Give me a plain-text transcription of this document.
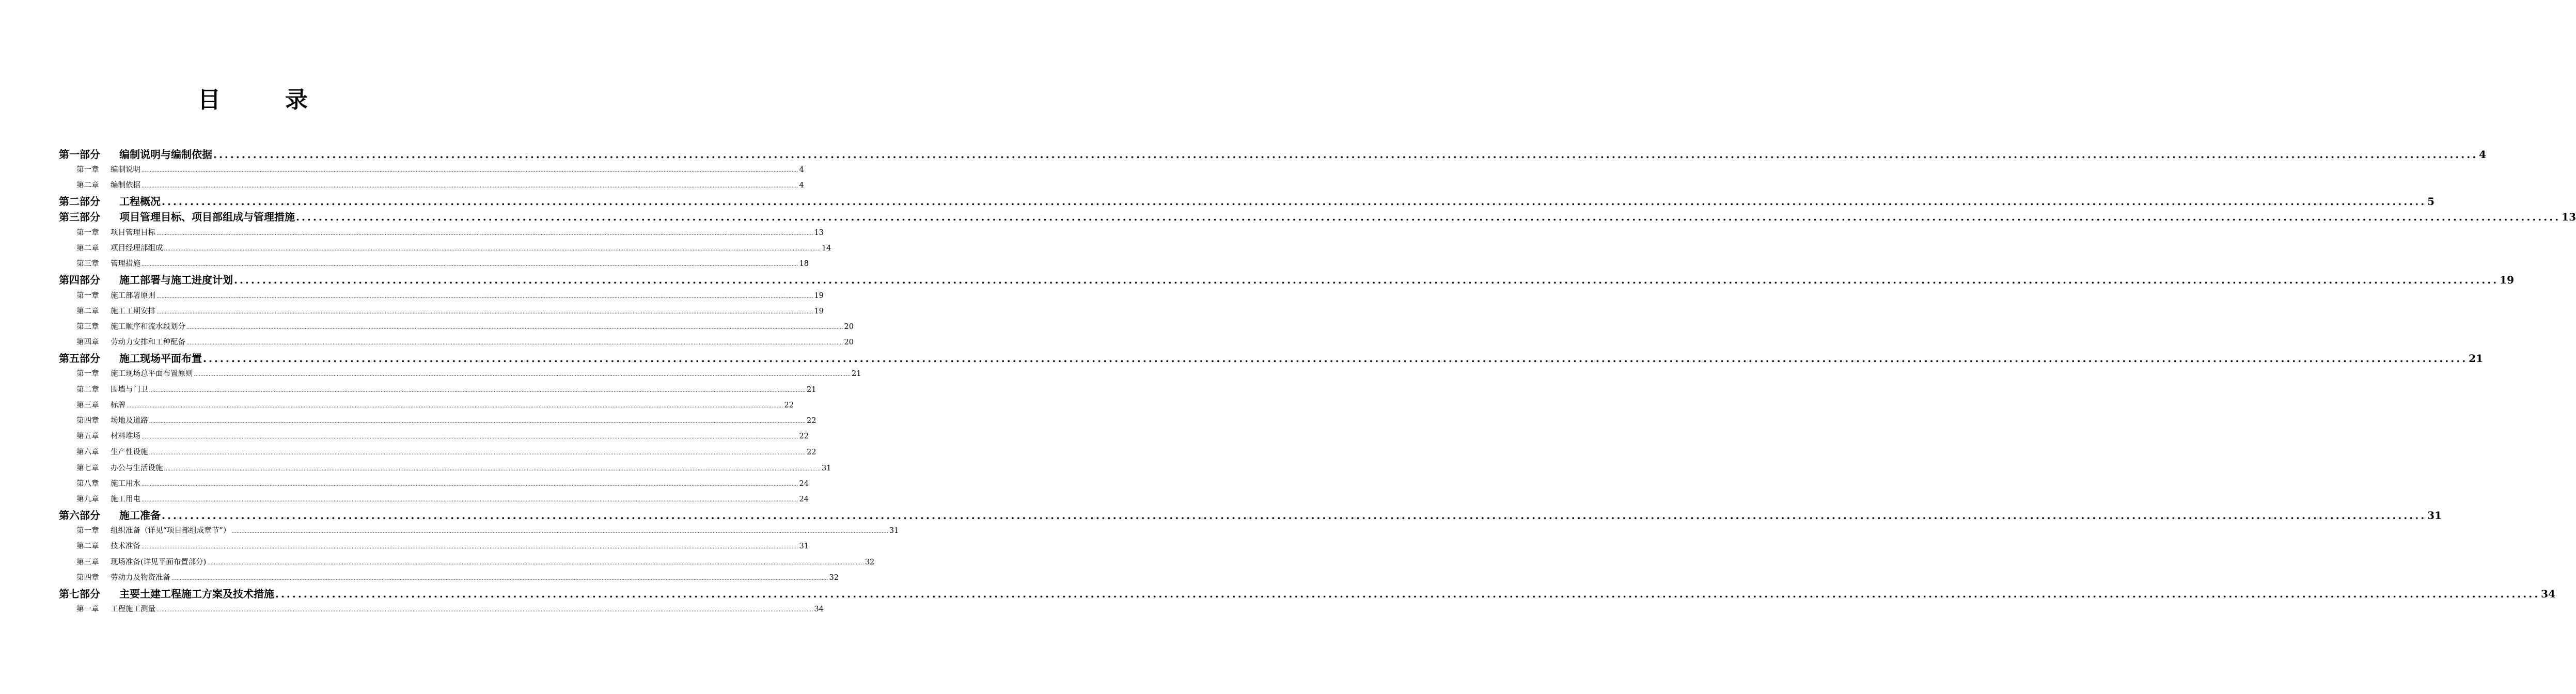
目	录
第一部分	编制说明与编制依据 ................................................................................................................................................................................................................................................................................................................................................................................................................ 4
第一章	编制说明 ................................................................................................................................................................................................................................................................................................................................................................................................................ 4
第二章	编制依据 ................................................................................................................................................................................................................................................................................................................................................................................................................ 4
第二部分	工程概况 ................................................................................................................................................................................................................................................................................................................................................................................................................ 5
第三部分	项目管理目标、项目部组成与管理措施 ................................................................................................................................................................................................................................................................................................................................................................................................................ 13
第一章	项目管理目标 ................................................................................................................................................................................................................................................................................................................................................................................................................ 13
第二章	项目经理部组成 ................................................................................................................................................................................................................................................................................................................................................................................................................ 14
第三章	管理措施 ................................................................................................................................................................................................................................................................................................................................................................................................................ 18
第四部分	施工部署与施工进度计划 ................................................................................................................................................................................................................................................................................................................................................................................................................ 19
第一章	施工部署原则 ................................................................................................................................................................................................................................................................................................................................................................................................................ 19
第二章	施工工期安排 ................................................................................................................................................................................................................................................................................................................................................................................................................ 19
第三章	施工顺序和流水段划分 ................................................................................................................................................................................................................................................................................................................................................................................................................ 20
第四章	劳动力安排和工种配备 ................................................................................................................................................................................................................................................................................................................................................................................................................ 20
第五部分	施工现场平面布置 ................................................................................................................................................................................................................................................................................................................................................................................................................ 21
第一章	施工现场总平面布置原则 ................................................................................................................................................................................................................................................................................................................................................................................................................ 21
第二章	围墙与门卫 ................................................................................................................................................................................................................................................................................................................................................................................................................ 21
第三章	标牌 ................................................................................................................................................................................................................................................................................................................................................................................................................ 22
第四章	场地及道路 ................................................................................................................................................................................................................................................................................................................................................................................................................ 22
第五章	材料堆场 ................................................................................................................................................................................................................................................................................................................................................................................................................ 22
第六章	生产性设施 ................................................................................................................................................................................................................................................................................................................................................................................................................ 22
第七章	办公与生活设施 ................................................................................................................................................................................................................................................................................................................................................................................................................ 31
第八章	施工用水 ................................................................................................................................................................................................................................................................................................................................................................................................................ 24
第九章	施工用电 ................................................................................................................................................................................................................................................................................................................................................................................................................ 24
第六部分	施工准备 ................................................................................................................................................................................................................................................................................................................................................................................................................ 31
第一章	组织准备（详见“项目部组成章节”） ................................................................................................................................................................................................................................................................................................................................................................................................................ 31
第二章	技术准备 ................................................................................................................................................................................................................................................................................................................................................................................................................ 31
第三章	现场准备(详见平面布置部分) ................................................................................................................................................................................................................................................................................................................................................................................................................ 32
第四章	劳动力及物资准备 ................................................................................................................................................................................................................................................................................................................................................................................................................ 32
第七部分	主要土建工程施工方案及技术措施 ................................................................................................................................................................................................................................................................................................................................................................................................................ 34
第一章	工程施工测量 ................................................................................................................................................................................................................................................................................................................................................................................................................ 34
